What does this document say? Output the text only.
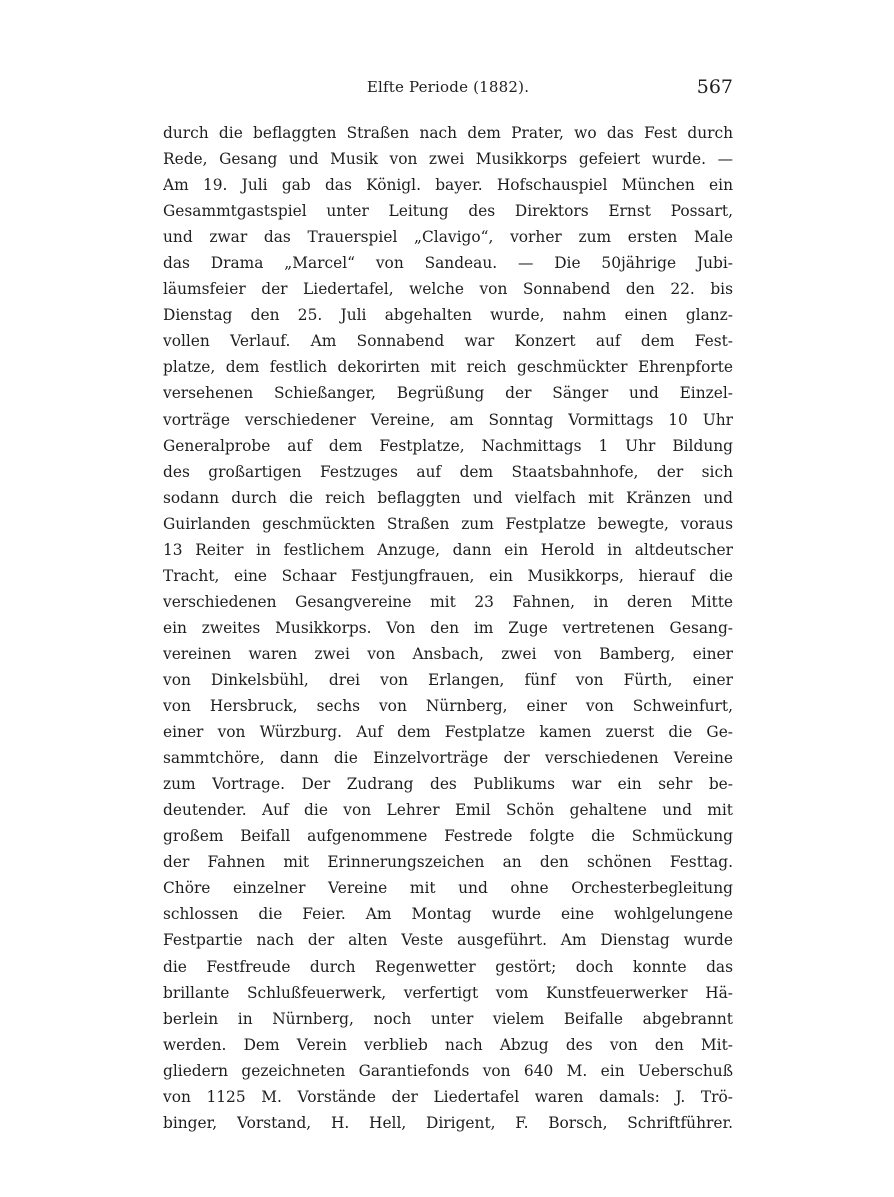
Elfte Periode (1882).	567
durch die beflaggten Straßen nach dem Prater, wo das Fest durch
Rede, Gesang und Musik von zwei Musikkorps gefeiert wurde. —
Am 19. Juli gab das Königl. bayer. Hofschauspiel München ein
Gesammtgastspiel unter Leitung des Direktors Ernst Possart,
und zwar das Trauerspiel „Clavigo“, vorher zum ersten Male
das Drama „Marcel“ von Sandeau. — Die 50jährige Jubi-
läumsfeier der Liedertafel, welche von Sonnabend den 22. bis
Dienstag den 25. Juli abgehalten wurde, nahm einen glanz-
vollen Verlauf. Am Sonnabend war Konzert auf dem Fest-
platze, dem festlich dekorirten mit reich geschmückter Ehrenpforte
versehenen Schießanger, Begrüßung der Sänger und Einzel-
vorträge verschiedener Vereine, am Sonntag Vormittags 10 Uhr
Generalprobe auf dem Festplatze, Nachmittags 1 Uhr Bildung
des großartigen Festzuges auf dem Staatsbahnhofe, der sich
sodann durch die reich beflaggten und vielfach mit Kränzen und
Guirlanden geschmückten Straßen zum Festplatze bewegte, voraus
13 Reiter in festlichem Anzuge, dann ein Herold in altdeutscher
Tracht, eine Schaar Festjungfrauen, ein Musikkorps, hierauf die
verschiedenen Gesangvereine mit 23 Fahnen, in deren Mitte
ein zweites Musikkorps. Von den im Zuge vertretenen Gesang-
vereinen waren zwei von Ansbach, zwei von Bamberg, einer
von Dinkelsbühl, drei von Erlangen, fünf von Fürth, einer
von Hersbruck, sechs von Nürnberg, einer von Schweinfurt,
einer von Würzburg. Auf dem Festplatze kamen zuerst die Ge-
sammtchöre, dann die Einzelvorträge der verschiedenen Vereine
zum Vortrage. Der Zudrang des Publikums war ein sehr be-
deutender. Auf die von Lehrer Emil Schön gehaltene und mit
großem Beifall aufgenommene Festrede folgte die Schmückung
der Fahnen mit Erinnerungszeichen an den schönen Festtag.
Chöre einzelner Vereine mit und ohne Orchesterbegleitung
schlossen die Feier. Am Montag wurde eine wohlgelungene
Festpartie nach der alten Veste ausgeführt. Am Dienstag wurde
die Festfreude durch Regenwetter gestört; doch konnte das
brillante Schlußfeuerwerk, verfertigt vom Kunstfeuerwerker Hä-
berlein in Nürnberg, noch unter vielem Beifalle abgebrannt
werden. Dem Verein verblieb nach Abzug des von den Mit-
gliedern gezeichneten Garantiefonds von 640 M. ein Ueberschuß
von 1125 M. Vorstände der Liedertafel waren damals: J. Trö-
binger, Vorstand, H. Hell, Dirigent, F. Borsch, Schriftführer.
